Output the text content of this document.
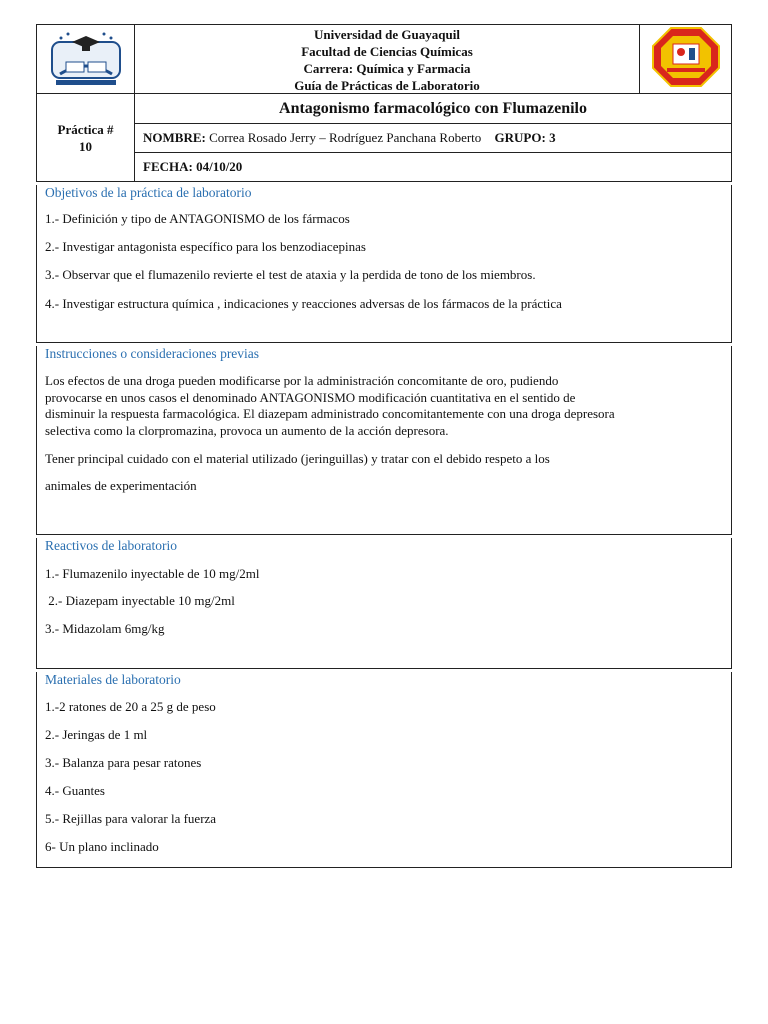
Universidad de Guayaquil
Facultad de Ciencias Químicas
Carrera: Química y Farmacia
Guía de Prácticas de Laboratorio

Práctica #
10	Antagonismo farmacológico con Flumazenilo	
	NOMBRE: Correa Rosado Jerry – Rodríguez Panchana Roberto GRUPO: 3	
	FECHA: 04/10/20	
Objetivos de la práctica de laboratorio

1.- Definición y tipo de ANTAGONISMO de los fármacos

2.- Investigar antagonista específico para los benzodiacepinas

3.- Observar que el flumazenilo revierte el test de ataxia y la perdida de tono de los miembros.

4.- Investigar estructura química , indicaciones y reacciones adversas de los fármacos de la práctica

Instrucciones o consideraciones previas

Los efectos de una droga pueden modificarse por la administración concomitante de oro, pudiendo

provocarse en unos casos el denominado ANTAGONISMO modificación cuantitativa en el sentido de

disminuir la respuesta farmacológica. El diazepam administrado concomitantemente con una droga depresora

selectiva como la clorpromazina, provoca un aumento de la acción depresora.

Tener principal cuidado con el material utilizado (jeringuillas) y tratar con el debido respeto a los

animales de experimentación

Reactivos de laboratorio

1.- Flumazenilo inyectable de 10 mg/2ml

2.- Diazepam inyectable 10 mg/2ml

3.- Midazolam 6mg/kg

Materiales de laboratorio

1.-2 ratones de 20 a 25 g de peso

2.- Jeringas de 1 ml

3.- Balanza para pesar ratones

4.- Guantes

5.- Rejillas para valorar la fuerza

6- Un plano inclinado
